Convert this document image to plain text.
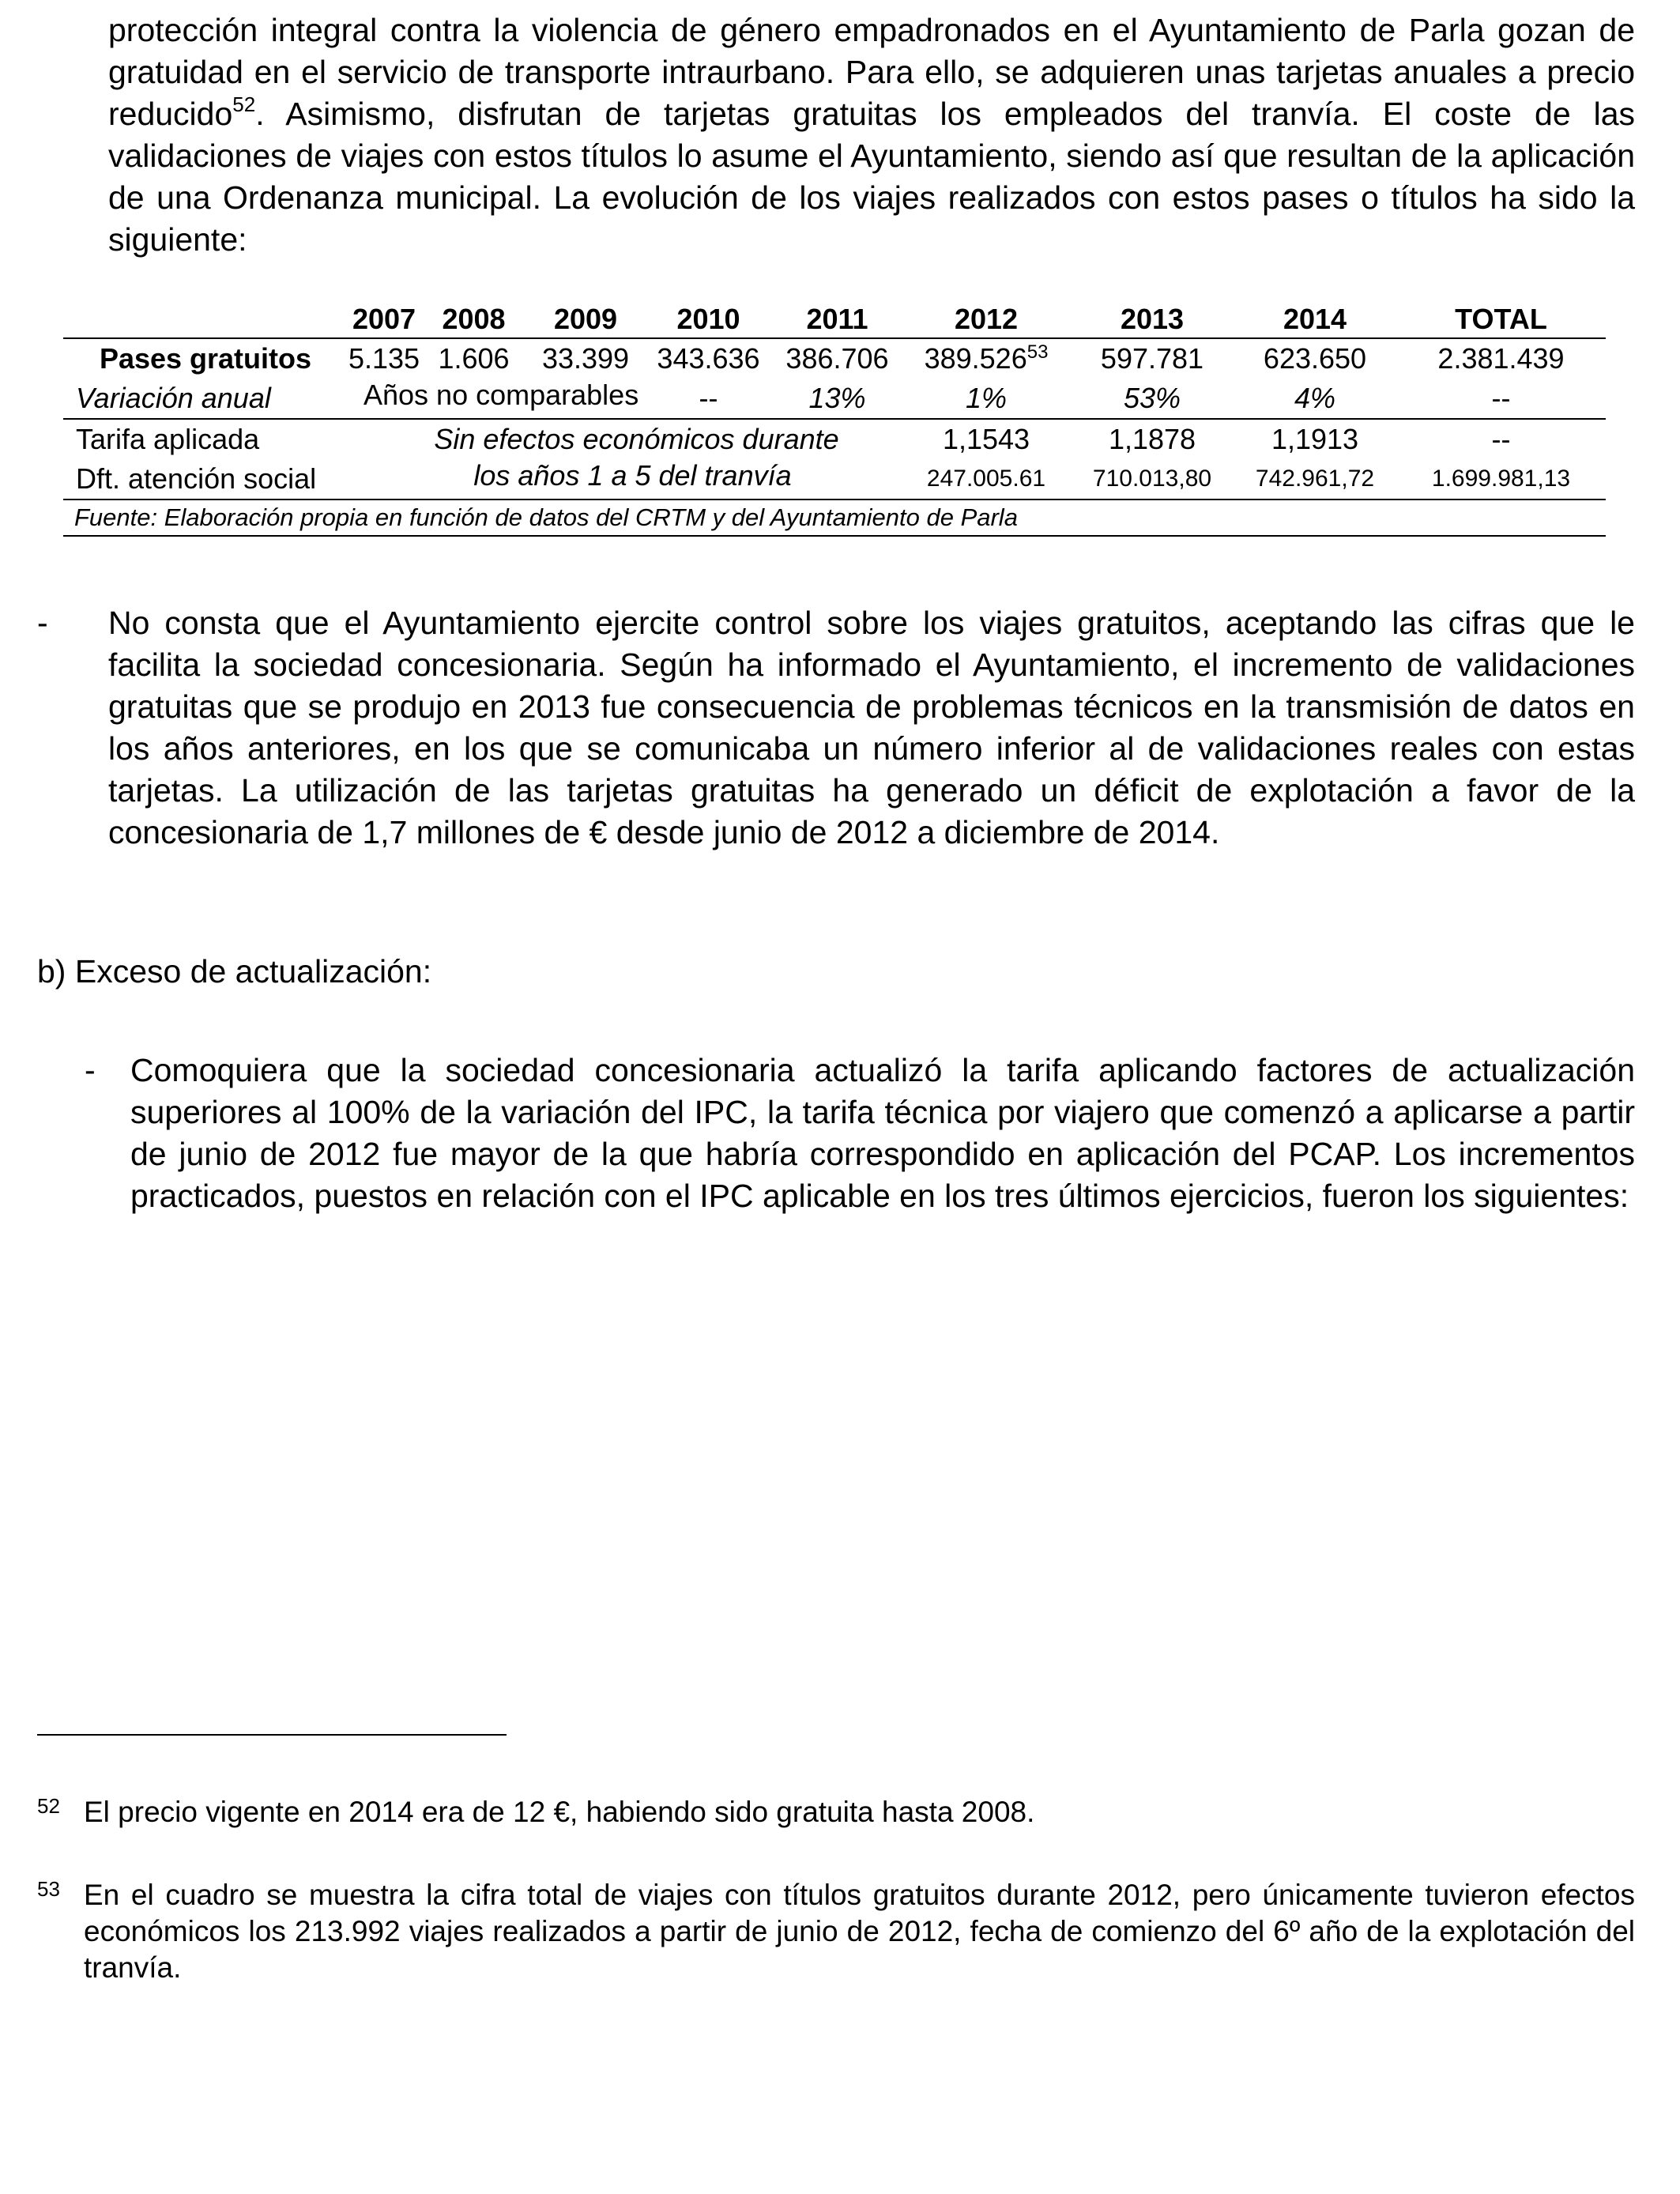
protección integral contra la violencia de género empadronados en el Ayuntamiento de Parla gozan de gratuidad en el servicio de transporte intraurbano. Para ello, se adquieren unas tarjetas anuales a precio reducido$^{52}$. Asimismo, disfrutan de tarjetas gratuitas los empleados del tranvía. El coste de las validaciones de viajes con estos títulos lo asume el Ayuntamiento, siendo así que resultan de la aplicación de una Ordenanza municipal. La evolución de los viajes realizados con estos pases o títulos ha sido la siguiente:

	2007	2008	2009	2010	2011	2012	2013	2014	TOTAL
Pases gratuitos	5.135	1.606	33.399	343.636	386.706	389.526$^{53}$	597.781	623.650	2.381.439
Variación anual	Años no comparables			--	13%	1%	53%	4%	--
Tarifa aplicada	Sin efectos económicos durante					1,1543	1,1878	1,1913	--
Dft. atención social	los años 1 a 5 del tranvía					247.005.61	710.013,80	742.961,72	1.699.981,13
Fuente: Elaboración propia en función de datos del CRTM y del Ayuntamiento de Parla									
- No consta que el Ayuntamiento ejercite control sobre los viajes gratuitos, aceptando las cifras que le facilita la sociedad concesionaria. Según ha informado el Ayuntamiento, el incremento de validaciones gratuitas que se produjo en 2013 fue consecuencia de problemas técnicos en la transmisión de datos en los años anteriores, en los que se comunicaba un número inferior al de validaciones reales con estas tarjetas. La utilización de las tarjetas gratuitas ha generado un déficit de explotación a favor de la concesionaria de 1,7 millones de € desde junio de 2012 a diciembre de 2014.

b) Exceso de actualización:
- Comoquiera que la sociedad concesionaria actualizó la tarifa aplicando factores de actualización superiores al 100% de la variación del IPC, la tarifa técnica por viajero que comenzó a aplicarse a partir de junio de 2012 fue mayor de la que habría correspondido en aplicación del PCAP. Los incrementos practicados, puestos en relación con el IPC aplicable en los tres últimos ejercicios, fueron los siguientes:

52 El precio vigente en 2014 era de 12 €, habiendo sido gratuita hasta 2008.

53 En el cuadro se muestra la cifra total de viajes con títulos gratuitos durante 2012, pero únicamente tuvieron efectos económicos los 213.992 viajes realizados a partir de junio de 2012, fecha de comienzo del 6º año de la explotación del tranvía.
